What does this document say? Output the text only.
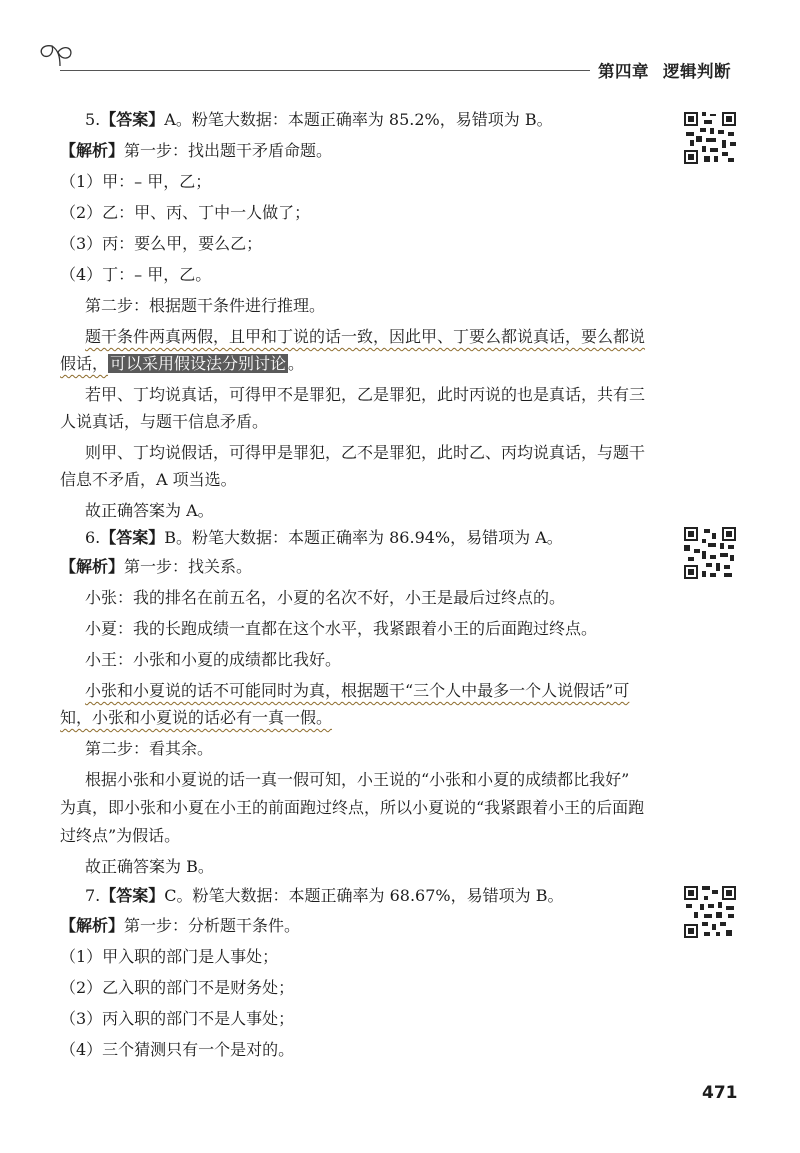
第四章 逻辑判断
5.【答案】A。粉笔大数据：本题正确率为 85.2%，易错项为 B。
【解析】第一步：找出题干矛盾命题。
（1）甲：– 甲，乙；
（2）乙：甲、丙、丁中一人做了；
（3）丙：要么甲，要么乙；
（4）丁：– 甲，乙。
第二步：根据题干条件进行推理。
题干条件两真两假，且甲和丁说的话一致，因此甲、丁要么都说真话，要么都说
假话， 可以采用假设法分别讨论 。
若甲、丁均说真话，可得甲不是罪犯，乙是罪犯，此时丙说的也是真话，共有三
人说真话，与题干信息矛盾。
则甲、丁均说假话，可得甲是罪犯，乙不是罪犯，此时乙、丙均说真话，与题干
信息不矛盾，A 项当选。
故正确答案为 A。
6.【答案】B。粉笔大数据：本题正确率为 86.94%，易错项为 A。
【解析】第一步：找关系。
小张：我的排名在前五名，小夏的名次不好，小王是最后过终点的。
小夏：我的长跑成绩一直都在这个水平，我紧跟着小王的后面跑过终点。
小王：小张和小夏的成绩都比我好。
小张和小夏说的话不可能同时为真，根据题干“三个人中最多一个人说假话”可
知，小张和小夏说的话必有一真一假。
第二步：看其余。
根据小张和小夏说的话一真一假可知，小王说的“小张和小夏的成绩都比我好”
为真，即小张和小夏在小王的前面跑过终点，所以小夏说的“我紧跟着小王的后面跑
过终点”为假话。
故正确答案为 B。
7.【答案】C。粉笔大数据：本题正确率为 68.67%，易错项为 B。
【解析】第一步：分析题干条件。
（1）甲入职的部门是人事处；
（2）乙入职的部门不是财务处；
（3）丙入职的部门不是人事处；
（4）三个猜测只有一个是对的。
471
